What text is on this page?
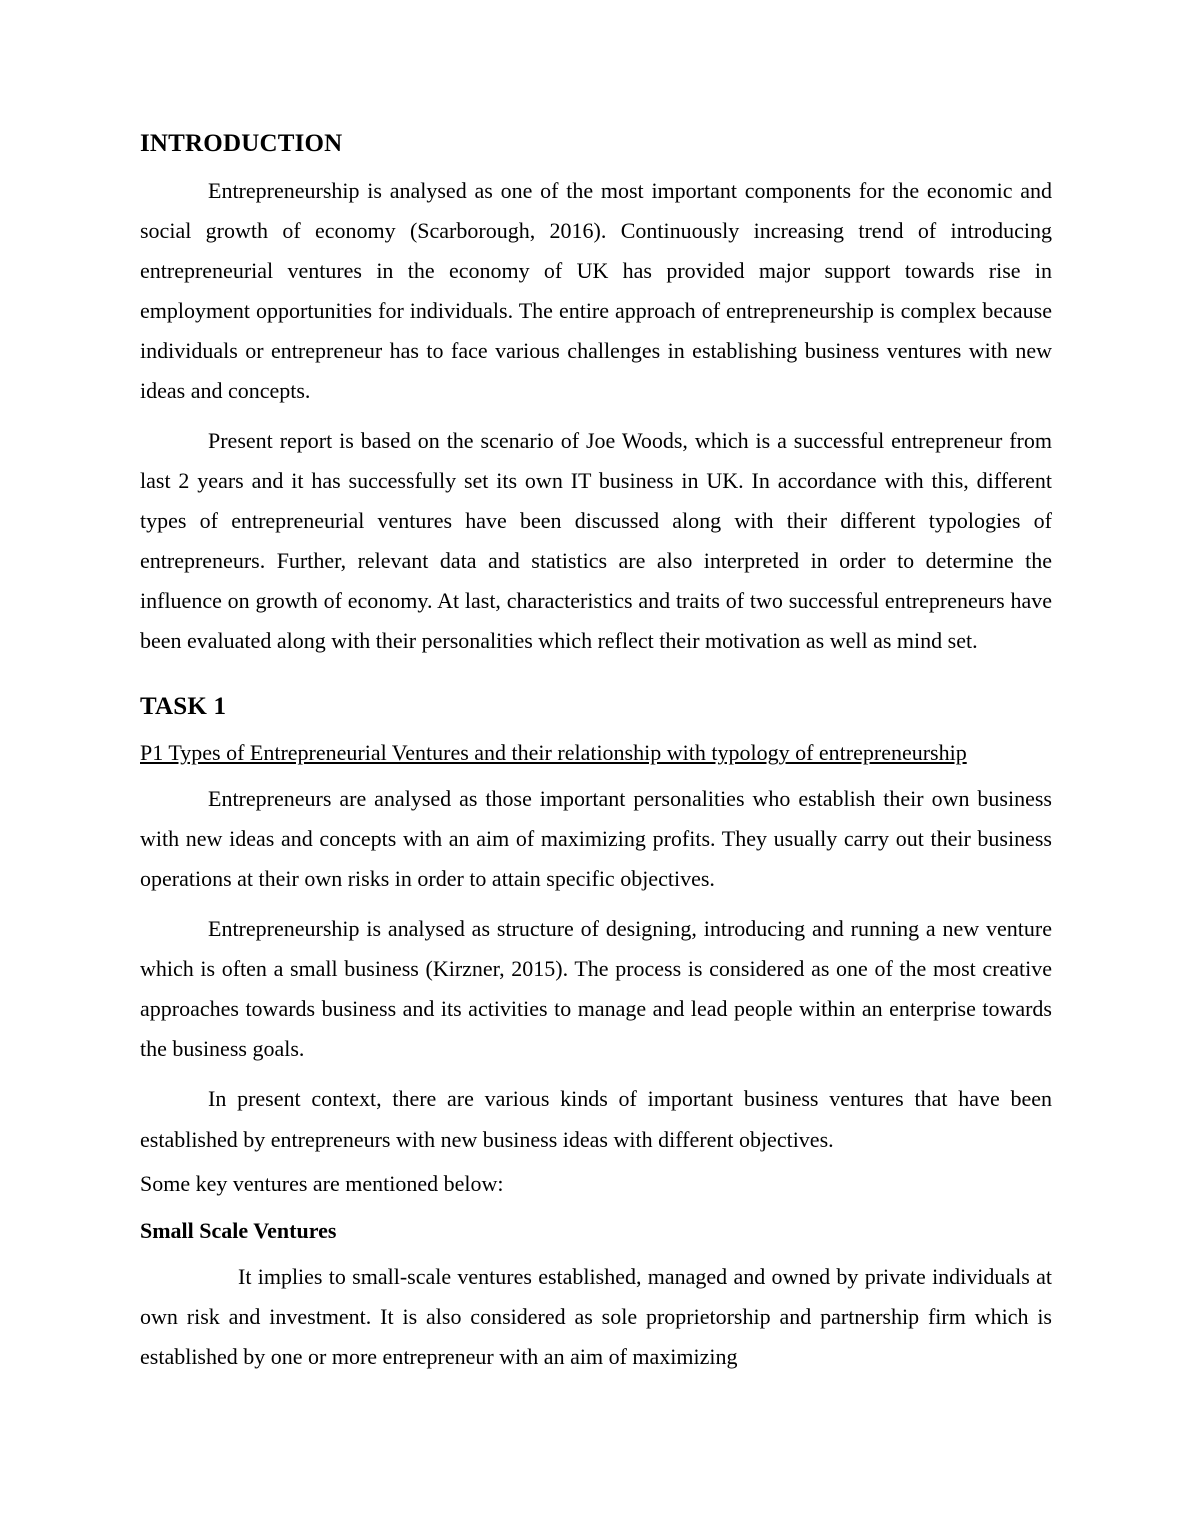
INTRODUCTION

Entrepreneurship is analysed as one of the most important components for the economic and social growth of economy (Scarborough, 2016). Continuously increasing trend of introducing entrepreneurial ventures in the economy of UK has provided major support towards rise in employment opportunities for individuals. The entire approach of entrepreneurship is complex because individuals or entrepreneur has to face various challenges in establishing business ventures with new ideas and concepts.

Present report is based on the scenario of Joe Woods, which is a successful entrepreneur from last 2 years and it has successfully set its own IT business in UK. In accordance with this, different types of entrepreneurial ventures have been discussed along with their different typologies of entrepreneurs. Further, relevant data and statistics are also interpreted in order to determine the influence on growth of economy. At last, characteristics and traits of two successful entrepreneurs have been evaluated along with their personalities which reflect their motivation as well as mind set.

TASK 1
P1 Types of Entrepreneurial Ventures and their relationship with typology of entrepreneurship

Entrepreneurs are analysed as those important personalities who establish their own business with new ideas and concepts with an aim of maximizing profits. They usually carry out their business operations at their own risks in order to attain specific objectives.

Entrepreneurship is analysed as structure of designing, introducing and running a new venture which is often a small business (Kirzner, 2015). The process is considered as one of the most creative approaches towards business and its activities to manage and lead people within an enterprise towards the business goals.

In present context, there are various kinds of important business ventures that have been established by entrepreneurs with new business ideas with different objectives.

Some key ventures are mentioned below:

Small Scale Ventures

It implies to small-scale ventures established, managed and owned by private individuals at own risk and investment. It is also considered as sole proprietorship and partnership firm which is established by one or more entrepreneur with an aim of maximizing
